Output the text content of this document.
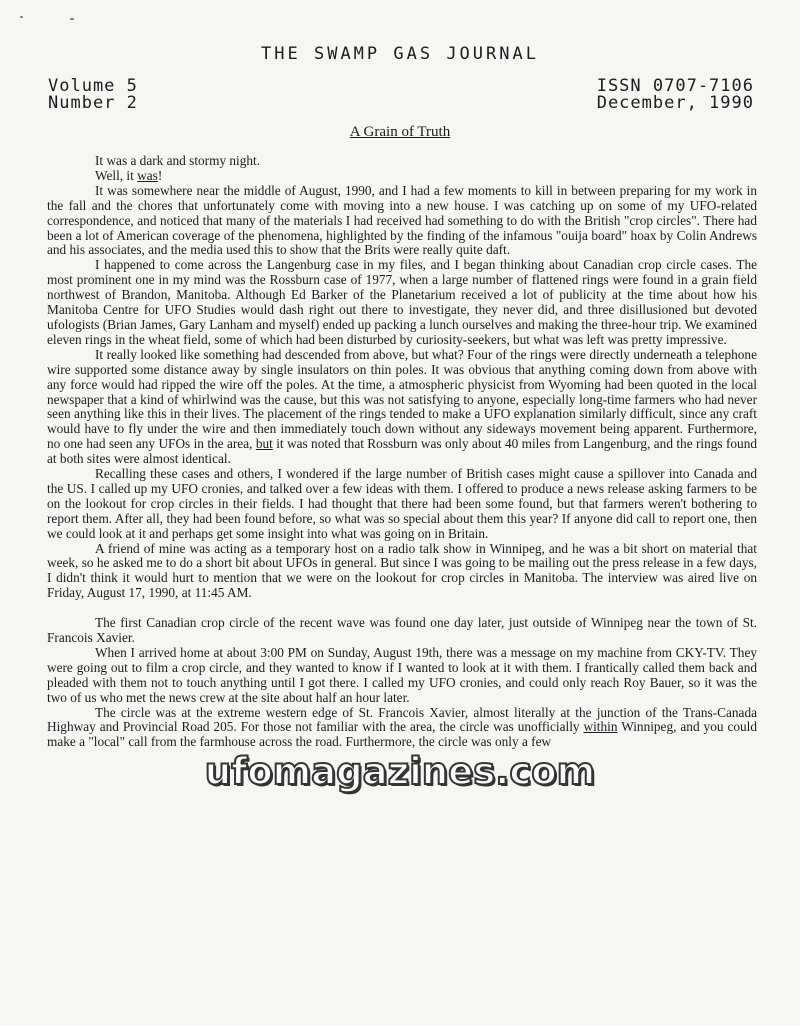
THE SWAMP GAS JOURNAL
Volume 5
Number 2
ISSN 0707-7106
December, 1990
A Grain of Truth

It was a dark and stormy night.

Well, it was!

It was somewhere near the middle of August, 1990, and I had a few moments to kill in between preparing for my work in the fall and the chores that unfortunately come with moving into a new house. I was catching up on some of my UFO-related correspondence, and noticed that many of the materials I had received had something to do with the British "crop circles". There had been a lot of American coverage of the phenomena, highlighted by the finding of the infamous "ouija board" hoax by Colin Andrews and his associates, and the media used this to show that the Brits were really quite daft.

I happened to come across the Langenburg case in my files, and I began thinking about Canadian crop circle cases. The most prominent one in my mind was the Rossburn case of 1977, when a large number of flattened rings were found in a grain field northwest of Brandon, Manitoba. Although Ed Barker of the Planetarium received a lot of publicity at the time about how his Manitoba Centre for UFO Studies would dash right out there to investigate, they never did, and three disillusioned but devoted ufologists (Brian James, Gary Lanham and myself) ended up packing a lunch ourselves and making the three-hour trip. We examined eleven rings in the wheat field, some of which had been disturbed by curiosity-seekers, but what was left was pretty impressive.

It really looked like something had descended from above, but what? Four of the rings were directly underneath a telephone wire supported some distance away by single insulators on thin poles. It was obvious that anything coming down from above with any force would had ripped the wire off the poles. At the time, a atmospheric physicist from Wyoming had been quoted in the local newspaper that a kind of whirlwind was the cause, but this was not satisfying to anyone, especially long-time farmers who had never seen anything like this in their lives. The placement of the rings tended to make a UFO explanation similarly difficult, since any craft would have to fly under the wire and then immediately touch down without any sideways movement being apparent. Furthermore, no one had seen any UFOs in the area, but it was noted that Rossburn was only about 40 miles from Langenburg, and the rings found at both sites were almost identical.

Recalling these cases and others, I wondered if the large number of British cases might cause a spillover into Canada and the US. I called up my UFO cronies, and talked over a few ideas with them. I offered to produce a news release asking farmers to be on the lookout for crop circles in their fields. I had thought that there had been some found, but that farmers weren't bothering to report them. After all, they had been found before, so what was so special about them this year? If anyone did call to report one, then we could look at it and perhaps get some insight into what was going on in Britain.

A friend of mine was acting as a temporary host on a radio talk show in Winnipeg, and he was a bit short on material that week, so he asked me to do a short bit about UFOs in general. But since I was going to be mailing out the press release in a few days, I didn't think it would hurt to mention that we were on the lookout for crop circles in Manitoba. The interview was aired live on Friday, August 17, 1990, at 11:45 AM.

The first Canadian crop circle of the recent wave was found one day later, just outside of Winnipeg near the town of St. Francois Xavier.

When I arrived home at about 3:00 PM on Sunday, August 19th, there was a message on my machine from CKY-TV. They were going out to film a crop circle, and they wanted to know if I wanted to look at it with them. I frantically called them back and pleaded with them not to touch anything until I got there. I called my UFO cronies, and could only reach Roy Bauer, so it was the two of us who met the news crew at the site about half an hour later.

The circle was at the extreme western edge of St. Francois Xavier, almost literally at the junction of the Trans-Canada Highway and Provincial Road 205. For those not familiar with the area, the circle was unofficially within Winnipeg, and you could make a "local" call from the farmhouse across the road. Furthermore, the circle was only a few

ufomagazines.com
